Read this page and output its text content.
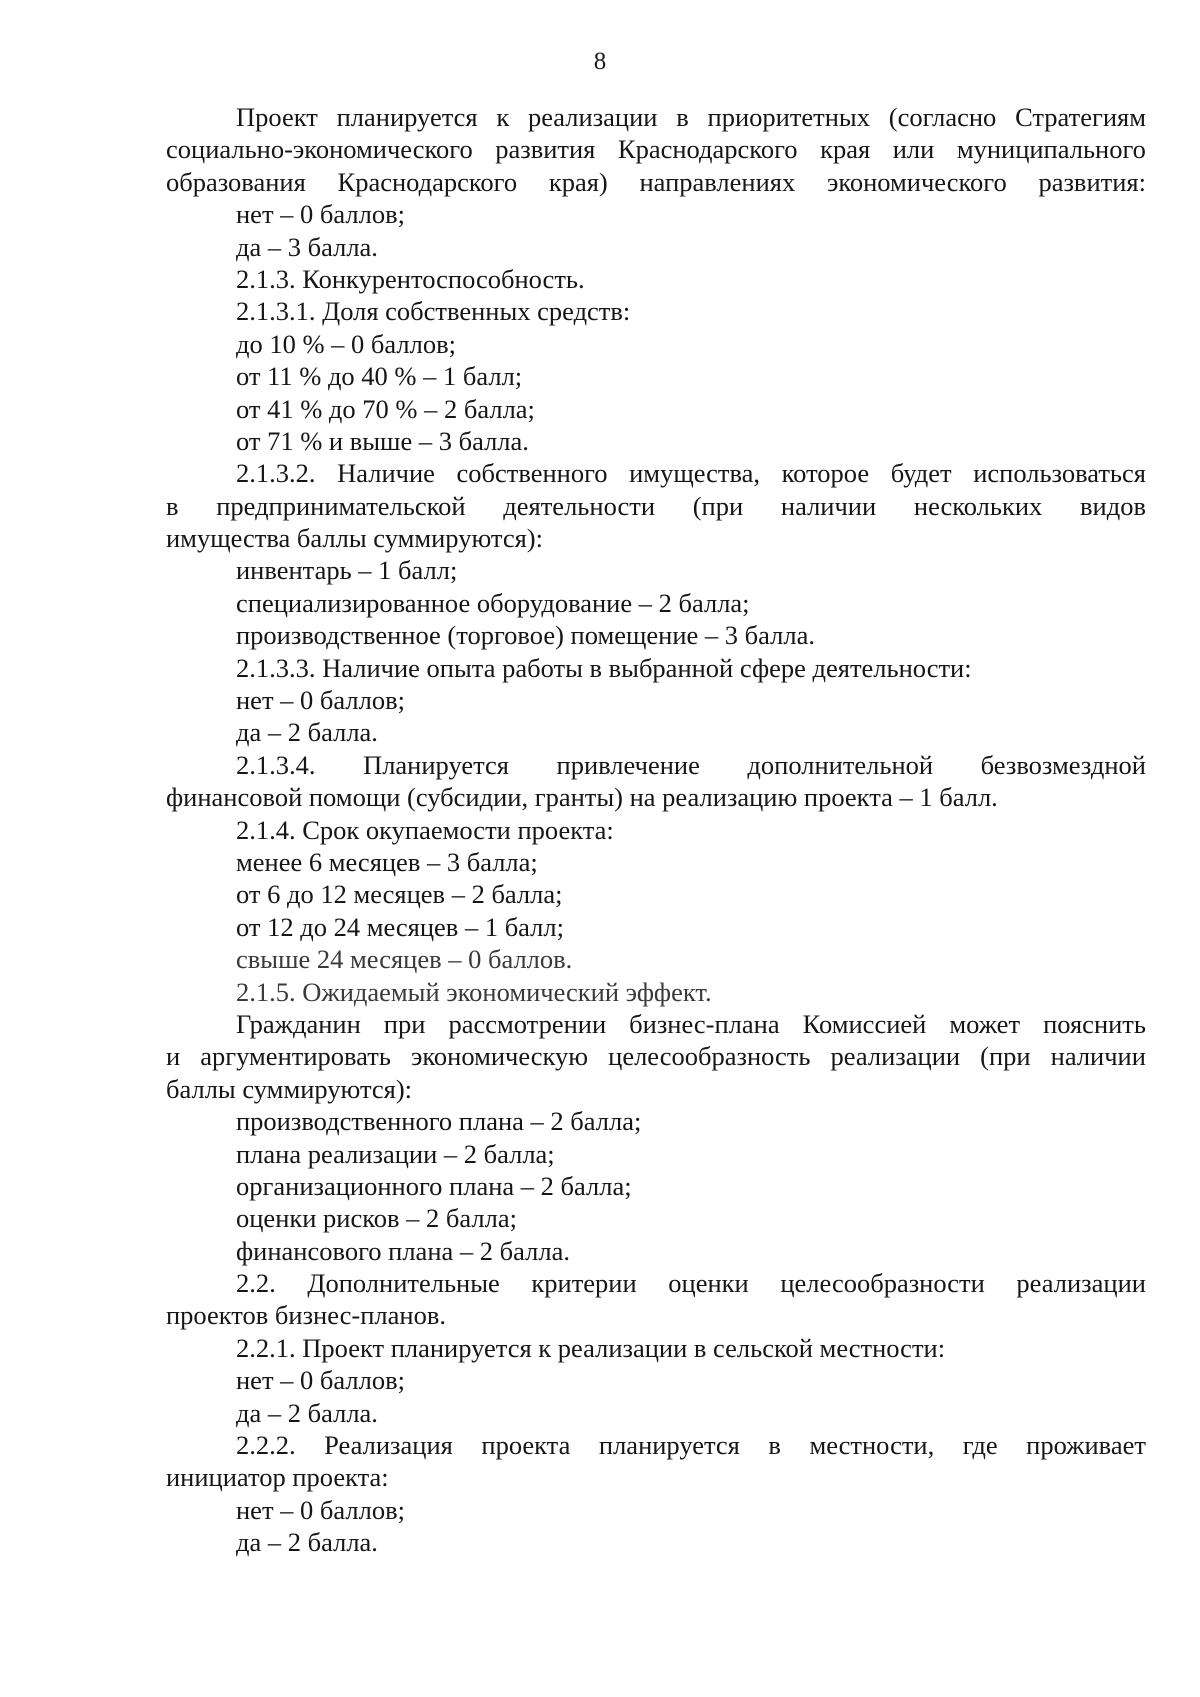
8
Проект планируется к реализации в приоритетных (согласно Стратегиям
социально-экономического развития Краснодарского края или муниципального
образования Краснодарского края) направлениях экономического развития:
нет – 0 баллов;
да – 3 балла.
2.1.3. Конкурентоспособность.
2.1.3.1. Доля собственных средств:
до 10 % – 0 баллов;
от 11 % до 40 % – 1 балл;
от 41 % до 70 % – 2 балла;
от 71 % и выше – 3 балла.
2.1.3.2. Наличие собственного имущества, которое будет использоваться
в предпринимательской деятельности (при наличии нескольких видов
имущества баллы суммируются):
инвентарь – 1 балл;
специализированное оборудование – 2 балла;
производственное (торговое) помещение – 3 балла.
2.1.3.3. Наличие опыта работы в выбранной сфере деятельности:
нет – 0 баллов;
да – 2 балла.
2.1.3.4. Планируется привлечение дополнительной безвозмездной
финансовой помощи (субсидии, гранты) на реализацию проекта – 1 балл.
2.1.4. Срок окупаемости проекта:
менее 6 месяцев – 3 балла;
от 6 до 12 месяцев – 2 балла;
от 12 до 24 месяцев – 1 балл;
свыше 24 месяцев – 0 баллов.
2.1.5. Ожидаемый экономический эффект.
Гражданин при рассмотрении бизнес-плана Комиссией может пояснить
и аргументировать экономическую целесообразность реализации (при наличии
баллы суммируются):
производственного плана – 2 балла;
плана реализации – 2 балла;
организационного плана – 2 балла;
оценки рисков – 2 балла;
финансового плана – 2 балла.
2.2. Дополнительные критерии оценки целесообразности реализации
проектов бизнес-планов.
2.2.1. Проект планируется к реализации в сельской местности:
нет – 0 баллов;
да – 2 балла.
2.2.2. Реализация проекта планируется в местности, где проживает
инициатор проекта:
нет – 0 баллов;
да – 2 балла.
